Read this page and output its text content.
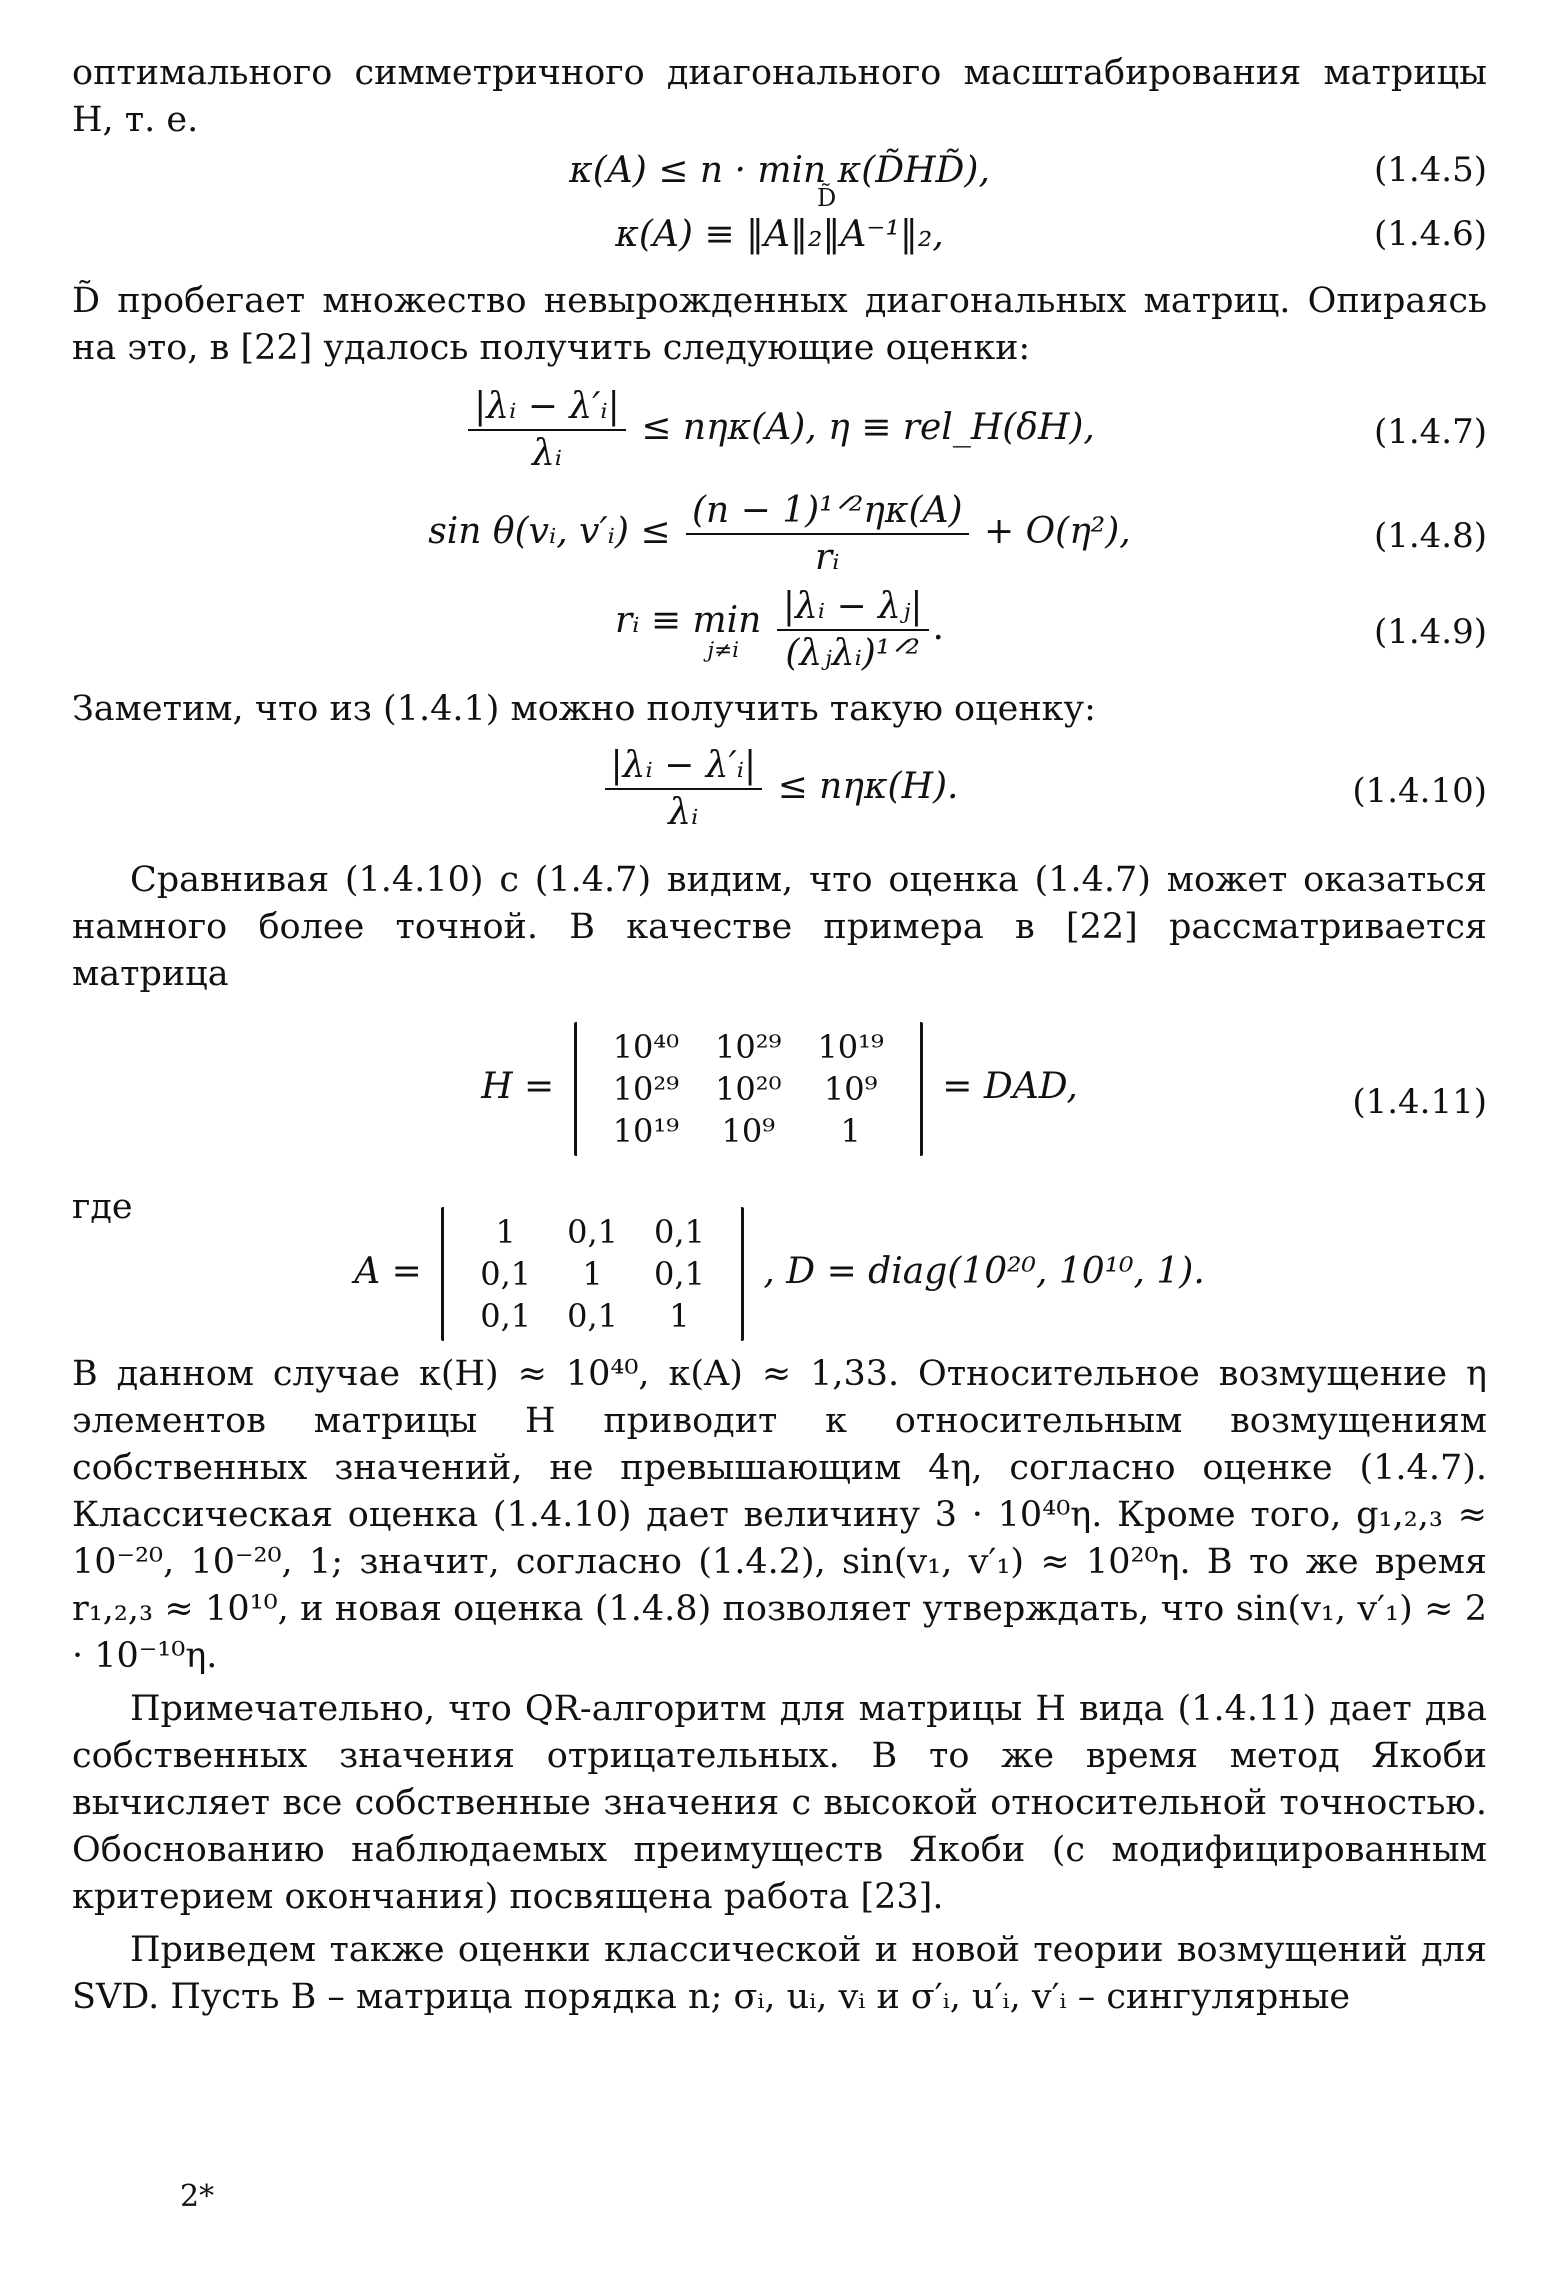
оптимального симметричного диагонального масштабирования матрицы H, т. е.

κ(A) ≤ n · min κ(D̃HD̃),
D̃
(1.4.5)
κ(A) ≡ ‖A‖₂‖A⁻¹‖₂,	(1.4.6)

D̃ пробегает множество невырожденных диагональных матриц. Опираясь на это, в [22] удалось получить следующие оценки:

$\frac{\text{|λᵢ − λ′ᵢ|}}{\text{λᵢ}} \le n\eta\kappa(A)$, η ≡ rel_H(δH),	(1.4.7)
sin θ(vᵢ, v′ᵢ) ≤ $\frac{\text{(n − 1)¹ᐟ²ηκ(A)}}{\text{rᵢ}} + O(\eta^2)$,	(1.4.8)
rᵢ ≡ min
j≠i
	$\frac{\text{|λᵢ − λⱼ|}}{\text{(λⱼλᵢ)¹ᐟ²}}$ .	(1.4.9)

Заметим, что из (1.4.1) можно получить такую оценку:

$\frac{\text{|λᵢ − λ′ᵢ|}}{\text{λᵢ}} \le n\eta\kappa(H)$.	(1.4.10)

Сравнивая (1.4.10) с (1.4.7) видим, что оценка (1.4.7) может оказаться намного более точной. В качестве примера в [22] рассматривается матрица

H =
10⁴⁰	10²⁹	10¹⁹
10²⁹	10²⁰	10⁹
10¹⁹	10⁹	1
= DAD,	(1.4.11)

где

A =
1	0,1	0,1
0,1	1	0,1
0,1	0,1	1
, D = diag(10²⁰, 10¹⁰, 1).

В данном случае κ(H) ≈ 10⁴⁰, κ(A) ≈ 1,33. Относительное возмущение η элементов матрицы H приводит к относительным возмущениям собственных значений, не превышающим 4η, согласно оценке (1.4.7). Классическая оценка (1.4.10) дает величину 3 · 10⁴⁰η. Кроме того, g₁,₂,₃ ≈ 10⁻²⁰, 10⁻²⁰, 1; значит, согласно (1.4.2), sin(v₁, v′₁) ≈ 10²⁰η. В то же время r₁,₂,₃ ≈ 10¹⁰, и новая оценка (1.4.8) позволяет утверждать, что sin(v₁, v′₁) ≈ 2 · 10⁻¹⁰η.

Примечательно, что QR-алгоритм для матрицы H вида (1.4.11) дает два собственных значения отрицательных. В то же время метод Якоби вычисляет все собственные значения с высокой относительной точностью. Обоснованию наблюдаемых преимуществ Якоби (с модифицированным критерием окончания) посвящена работа [23].

Приведем также оценки классической и новой теории возмущений для SVD. Пусть B – матрица порядка n; σᵢ, uᵢ, vᵢ и σ′ᵢ, u′ᵢ, v′ᵢ – сингулярные

2*
